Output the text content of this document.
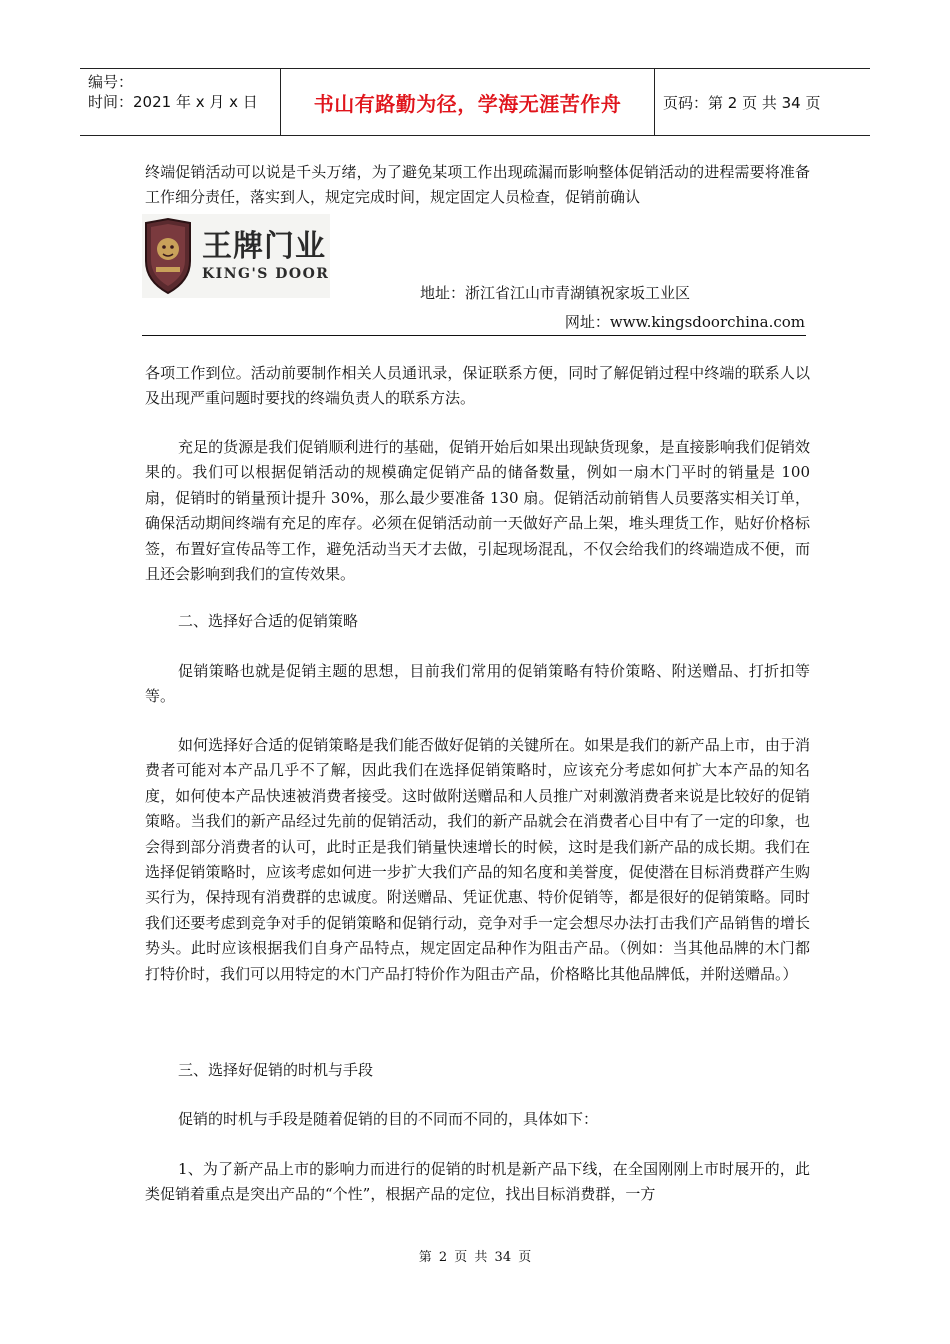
编号：
时间：2021 年 x 月 x 日	书山有路勤为径，学海无涯苦作舟	页码：第 2 页 共 34 页

终端促销活动可以说是千头万绪，为了避免某项工作出现疏漏而影响整体促销活动的进程需要将准备工作细分责任，落实到人，规定完成时间，规定固定人员检查，促销前确认

王牌门业
KING'S DOOR
地址：浙江省江山市青湖镇祝家坂工业区
网址：www.kingsdoorchina.com

各项工作到位。活动前要制作相关人员通讯录，保证联系方便，同时了解促销过程中终端的联系人以及出现严重问题时要找的终端负责人的联系方法。

充足的货源是我们促销顺利进行的基础，促销开始后如果出现缺货现象，是直接影响我们促销效果的。我们可以根据促销活动的规模确定促销产品的储备数量，例如一扇木门平时的销量是 100 扇，促销时的销量预计提升 30%，那么最少要准备 130 扇。促销活动前销售人员要落实相关订单，确保活动期间终端有充足的库存。必须在促销活动前一天做好产品上架，堆头理货工作，贴好价格标签，布置好宣传品等工作，避免活动当天才去做，引起现场混乱，不仅会给我们的终端造成不便，而且还会影响到我们的宣传效果。

二、选择好合适的促销策略

促销策略也就是促销主题的思想，目前我们常用的促销策略有特价策略、附送赠品、打折扣等等。

如何选择好合适的促销策略是我们能否做好促销的关键所在。如果是我们的新产品上市，由于消费者可能对本产品几乎不了解，因此我们在选择促销策略时，应该充分考虑如何扩大本产品的知名度，如何使本产品快速被消费者接受。这时做附送赠品和人员推广对刺激消费者来说是比较好的促销策略。当我们的新产品经过先前的促销活动，我们的新产品就会在消费者心目中有了一定的印象，也会得到部分消费者的认可，此时正是我们销量快速增长的时候，这时是我们新产品的成长期。我们在选择促销策略时，应该考虑如何进一步扩大我们产品的知名度和美誉度，促使潜在目标消费群产生购买行为，保持现有消费群的忠诚度。附送赠品、凭证优惠、特价促销等，都是很好的促销策略。同时我们还要考虑到竞争对手的促销策略和促销行动，竞争对手一定会想尽办法打击我们产品销售的增长势头。此时应该根据我们自身产品特点，规定固定品种作为阻击产品。（例如：当其他品牌的木门都打特价时，我们可以用特定的木门产品打特价作为阻击产品，价格略比其他品牌低，并附送赠品。）

三、选择好促销的时机与手段

促销的时机与手段是随着促销的目的不同而不同的，具体如下：

1、为了新产品上市的影响力而进行的促销的时机是新产品下线，在全国刚刚上市时展开的，此类促销着重点是突出产品的“个性”，根据产品的定位，找出目标消费群，一方

第 2 页 共 34 页
